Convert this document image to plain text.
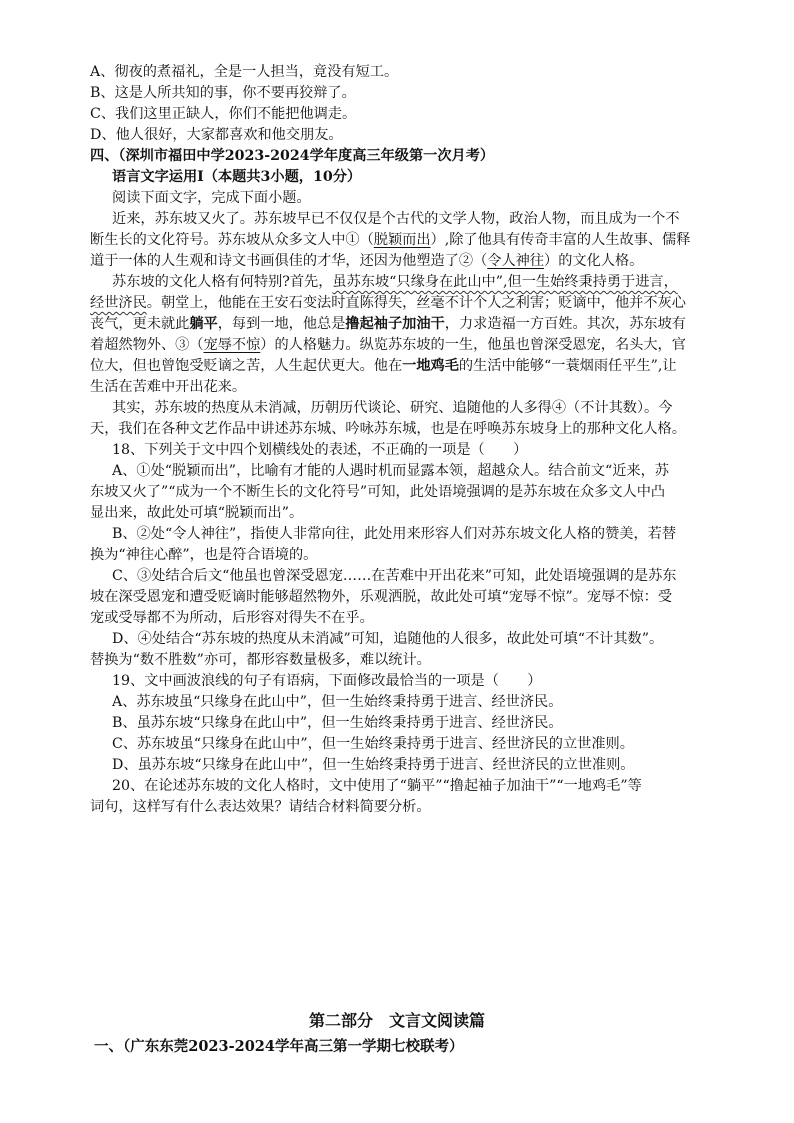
A、彻夜的煮福礼，全是一人担当，竟没有短工。
B、这是人所共知的事，你不要再狡辩了。
C、我们这里正缺人，你们不能把他调走。
D、他人很好，大家都喜欢和他交朋友。
四、（深圳市福田中学2023-2024学年度高三年级第一次月考）
语言文字运用Ⅰ（本题共3小题，10分）
阅读下面文字，完成下面小题。
近来，苏东坡又火了。苏东坡早已不仅仅是个古代的文学人物，政治人物，而且成为一个不
断生长的文化符号。苏东坡从众多文人中①（脱颖而出）,除了他具有传奇丰富的人生故事、儒释
道于一体的人生观和诗文书画俱佳的才华，还因为他塑造了②（令人神往）的文化人格。
苏东坡的文化人格有何特别?首先，虽苏东坡“只缘身在此山中”,但一生始终秉持勇于进言，
经世济民。朝堂上，他能在王安石变法时直陈得失，丝毫不计个人之利害；贬谪中，他并不灰心
丧气，更未就此躺平，每到一地，他总是撸起袖子加油干，力求造福一方百姓。其次，苏东坡有
着超然物外、③（宠辱不惊）的人格魅力。纵览苏东坡的一生，他虽也曾深受恩宠，名头大，官
位大，但也曾饱受贬谪之苦，人生起伏更大。他在一地鸡毛的生活中能够“一蓑烟雨任平生”,让
生活在苦难中开出花来。
其实，苏东坡的热度从未消减，历朝历代谈论、研究、追随他的人多得④（不计其数）。今
天，我们在各种文艺作品中讲述苏东城、吟咏苏东城，也是在呼唤苏东坡身上的那种文化人格。
18、下列关于文中四个划横线处的表述，不正确的一项是（　　）
A、①处“脱颖而出”，比喻有才能的人遇时机而显露本领，超越众人。结合前文“近来，苏
东坡又火了”“成为一个不断生长的文化符号”可知，此处语境强调的是苏东坡在众多文人中凸
显出来，故此处可填“脱颖而出”。
B、②处“令人神往”，指使人非常向往，此处用来形容人们对苏东坡文化人格的赞美，若替
换为“神往心醉”，也是符合语境的。
C、③处结合后文“他虽也曾深受恩宠……在苦难中开出花来”可知，此处语境强调的是苏东
坡在深受恩宠和遭受贬谪时能够超然物外，乐观洒脱，故此处可填“宠辱不惊”。宠辱不惊：受
宠或受辱都不为所动，后形容对得失不在乎。
D、④处结合“苏东坡的热度从未消减”可知，追随他的人很多，故此处可填“不计其数”。
替换为“数不胜数”亦可，都形容数量极多，难以统计。
19、文中画波浪线的句子有语病，下面修改最恰当的一项是（　　）
A、苏东坡虽“只缘身在此山中”，但一生始终秉持勇于进言、经世济民。
B、虽苏东坡“只缘身在此山中”，但一生始终秉持勇于进言、经世济民。
C、苏东坡虽“只缘身在此山中”，但一生始终秉持勇于进言、经世济民的立世准则。
D、虽苏东坡“只缘身在此山中”，但一生始终秉持勇于进言、经世济民的立世准则。
20、在论述苏东坡的文化人格时，文中使用了“躺平”“撸起袖子加油干”“一地鸡毛”等
词句，这样写有什么表达效果？请结合材料简要分析。
第二部分　文言文阅读篇
一、（广东东莞2023-2024学年高三第一学期七校联考）
